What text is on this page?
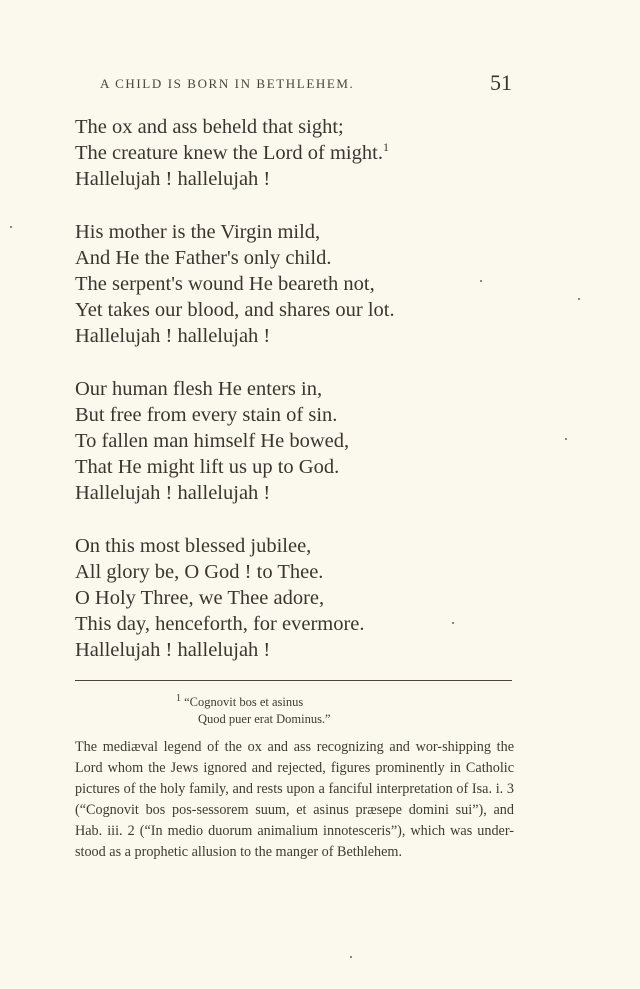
A CHILD IS BORN IN BETHLEHEM.	51
The ox and ass beheld that sight;
The creature knew the Lord of might.$^1$
Hallelujah ! hallelujah !
His mother is the Virgin mild,
And He the Father's only child.
The serpent's wound He beareth not,
Yet takes our blood, and shares our lot.
Hallelujah ! hallelujah !
Our human flesh He enters in,
But free from every stain of sin.
To fallen man himself He bowed,
That He might lift us up to God.
Hallelujah ! hallelujah !
On this most blessed jubilee,
All glory be, O God ! to Thee.
O Holy Three, we Thee adore,
This day, henceforth, for evermore.
Hallelujah ! hallelujah !
$^1$ “Cognovit bos et asinus
Quod puer erat Dominus.”
The mediæval legend of the ox and ass recognizing and wor-shipping the Lord whom the Jews ignored and rejected, figures prominently in Catholic pictures of the holy family, and rests upon a fanciful interpretation of Isa. i. 3 (“Cognovit bos pos-sessorem suum, et asinus præsepe domini sui”), and Hab. iii. 2 (“In medio duorum animalium innotesceris”), which was under-stood as a prophetic allusion to the manger of Bethlehem.
